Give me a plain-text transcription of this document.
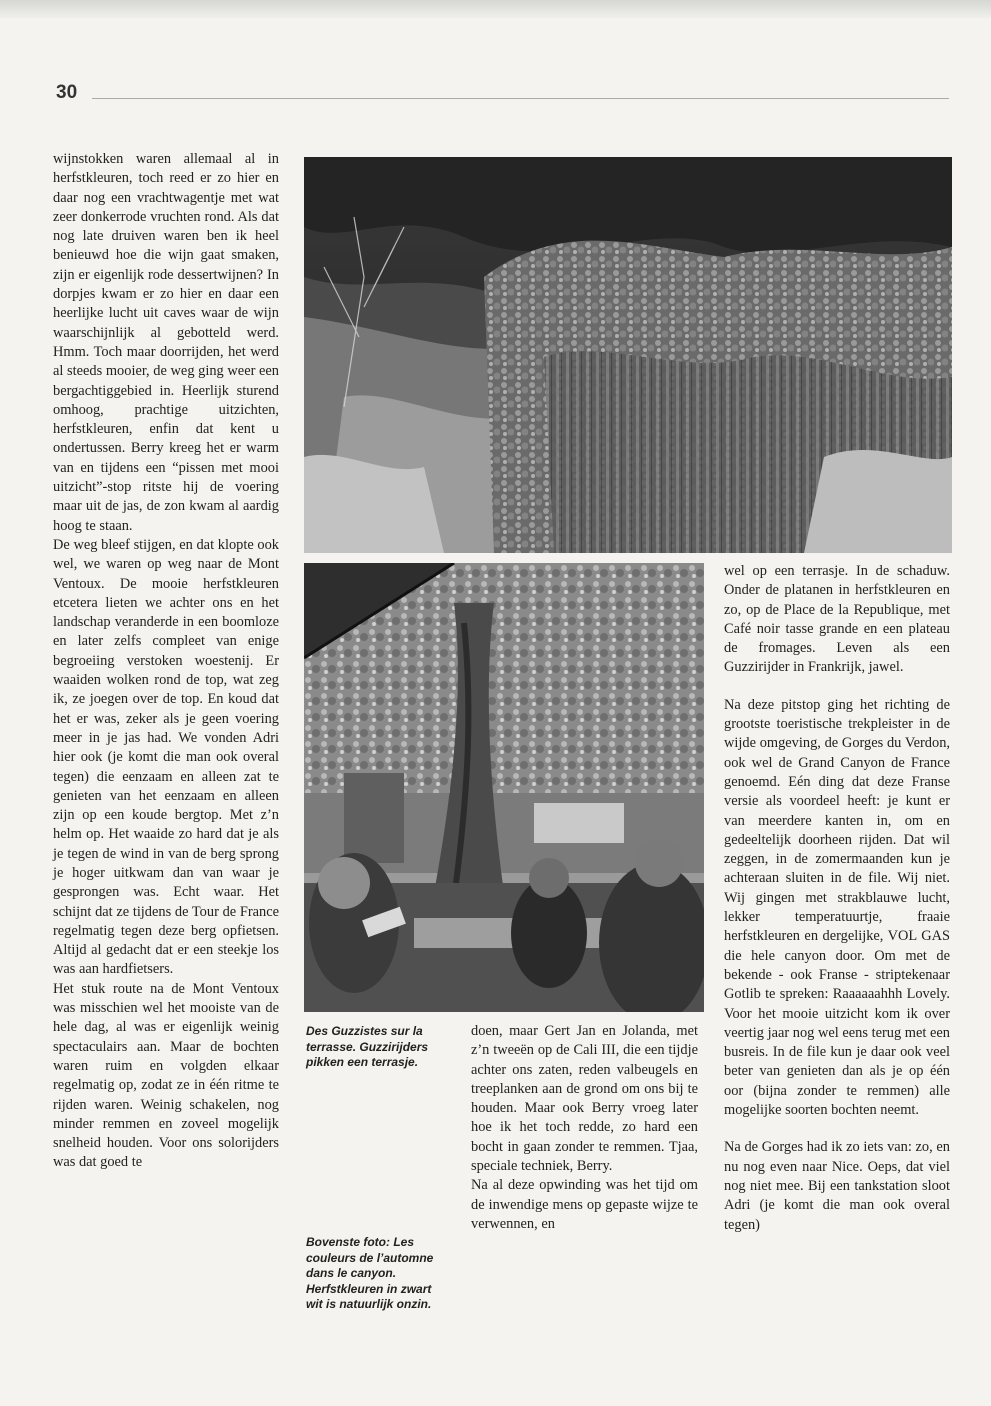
30

wijnstokken waren allemaal al in herfstkleuren, toch reed er zo hier en daar nog een vrachtwagentje met wat zeer donkerrode vruchten rond. Als dat nog late druiven waren ben ik heel benieuwd hoe die wijn gaat smaken, zijn er eigenlijk rode dessertwijnen? In dorpjes kwam er zo hier en daar een heerlijke lucht uit caves waar de wijn waarschijnlijk al gebotteld werd. Hmm. Toch maar doorrijden, het werd al steeds mooier, de weg ging weer een bergachtiggebied in. Heerlijk sturend omhoog, prachtige uitzichten, herfstkleuren, enfin dat kent u ondertussen. Berry kreeg het er warm van en tijdens een “pissen met mooi uitzicht”-stop ritste hij de voering maar uit de jas, de zon kwam al aardig hoog te staan.

De weg bleef stijgen, en dat klopte ook wel, we waren op weg naar de Mont Ventoux. De mooie herfstkleuren etcetera lieten we achter ons en het landschap veranderde in een boomloze en later zelfs compleet van enige begroeiing verstoken woestenij. Er waaiden wolken rond de top, wat zeg ik, ze joegen over de top. En koud dat het er was, zeker als je geen voering meer in je jas had. We vonden Adri hier ook (je komt die man ook overal tegen) die eenzaam en alleen zat te genieten van het eenzaam en alleen zijn op een koude bergtop. Met z’n helm op. Het waaide zo hard dat je als je tegen de wind in van de berg sprong je hoger uitkwam dan van waar je gesprongen was. Echt waar. Het schijnt dat ze tijdens de Tour de France regelmatig tegen deze berg opfietsen. Altijd al gedacht dat er een steekje los was aan hardfietsers.

Het stuk route na de Mont Ventoux was misschien wel het mooiste van de hele dag, al was er eigenlijk weinig spectaculairs aan. Maar de bochten waren ruim en volgden elkaar regelmatig op, zodat ze in één ritme te rijden waren. Weinig schakelen, nog minder remmen en zoveel mogelijk snelheid houden. Voor ons solorijders was dat goed te

Des Guzzistes sur la terrasse. Guzzirijders pikken een terrasje.
Bovenste foto: Les couleurs de l’automne dans le canyon. Herfstkleuren in zwart wit is natuurlijk onzin.

doen, maar Gert Jan en Jolanda, met z’n tweeën op de Cali III, die een tijdje achter ons zaten, reden valbeugels en treeplanken aan de grond om ons bij te houden. Maar ook Berry vroeg later hoe ik het toch redde, zo hard een bocht in gaan zonder te remmen. Tjaa, speciale techniek, Berry.

Na al deze opwinding was het tijd om de inwendige mens op gepaste wijze te verwennen, en

wel op een terrasje. In de schaduw. Onder de platanen in herfstkleuren en zo, op de Place de la Republique, met Café noir tasse grande en een plateau de fromages. Leven als een Guzzirijder in Frankrijk, jawel.

Na deze pitstop ging het richting de grootste toeristische trekpleister in de wijde omgeving, de Gorges du Verdon, ook wel de Grand Canyon de France genoemd. Eén ding dat deze Franse versie als voordeel heeft: je kunt er van meerdere kanten in, om en gedeeltelijk doorheen rijden. Dat wil zeggen, in de zomermaanden kun je achteraan sluiten in de file. Wij niet. Wij gingen met strakblauwe lucht, lekker temperatuurtje, fraaie herfstkleuren en dergelijke, VOL GAS die hele canyon door. Om met de bekende - ook Franse - striptekenaar Gotlib te spreken: Raaaaaahhh Lovely. Voor het mooie uitzicht kom ik over veertig jaar nog wel eens terug met een busreis. In de file kun je daar ook veel beter van genieten dan als je op één oor (bijna zonder te remmen) alle mogelijke soorten bochten neemt.

Na de Gorges had ik zo iets van: zo, en nu nog even naar Nice. Oeps, dat viel nog niet mee. Bij een tankstation sloot Adri (je komt die man ook overal tegen)
